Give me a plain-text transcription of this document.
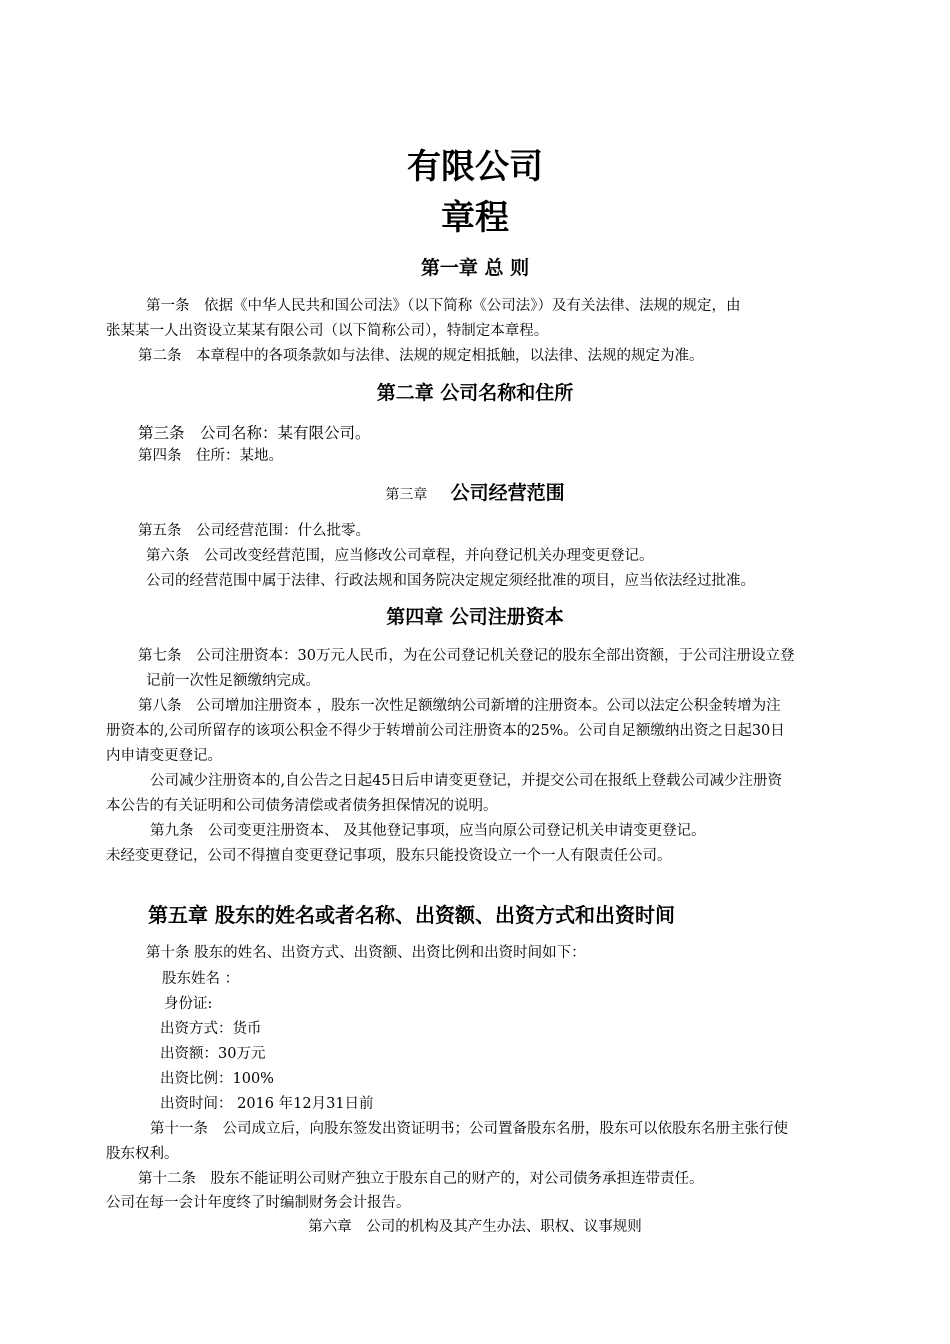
有限公司
章程
第一章 总 则
第一条　依据《中华人民共和国公司法》（以下简称《公司法》）及有关法律、法规的规定，由
张某某一人出资设立某某有限公司（以下简称公司），特制定本章程。
第二条　本章程中的各项条款如与法律、法规的规定相抵触，以法律、法规的规定为准。
第二章 公司名称和住所
第三条　公司名称：某有限公司。
第四条　住所：某地。
第三章 公司经营范围
第五条　公司经营范围：什么批零。
第六条　公司改变经营范围，应当修改公司章程，并向登记机关办理变更登记。
公司的经营范围中属于法律、行政法规和国务院决定规定须经批准的项目，应当依法经过批准。
第四章 公司注册资本
第七条　公司注册资本：30万元人民币，为在公司登记机关登记的股东全部出资额，于公司注册设立登
记前一次性足额缴纳完成。
第八条　公司增加注册资本 ，股东一次性足额缴纳公司新增的注册资本。公司以法定公积金转增为注
册资本的,公司所留存的该项公积金不得少于转增前公司注册资本的25%。公司自足额缴纳出资之日起30日
内申请变更登记。
公司减少注册资本的,自公告之日起45日后申请变更登记，并提交公司在报纸上登载公司减少注册资
本公告的有关证明和公司债务清偿或者债务担保情况的说明。
第九条　公司变更注册资本、 及其他登记事项，应当向原公司登记机关申请变更登记。
未经变更登记，公司不得擅自变更登记事项，股东只能投资设立一个一人有限责任公司。
第五章 股东的姓名或者名称、出资额、出资方式和出资时间
第十条 股东的姓名、出资方式、出资额、出资比例和出资时间如下：
股东姓名 ：
身份证:
出资方式：货币
出资额：30万元
出资比例：100%
出资时间： 2016 年12月31日前
第十一条　公司成立后，向股东签发出资证明书；公司置备股东名册，股东可以依股东名册主张行使
股东权利。
第十二条　股东不能证明公司财产独立于股东自己的财产的，对公司债务承担连带责任。
公司在每一会计年度终了时编制财务会计报告。
第六章　公司的机构及其产生办法、职权、议事规则
